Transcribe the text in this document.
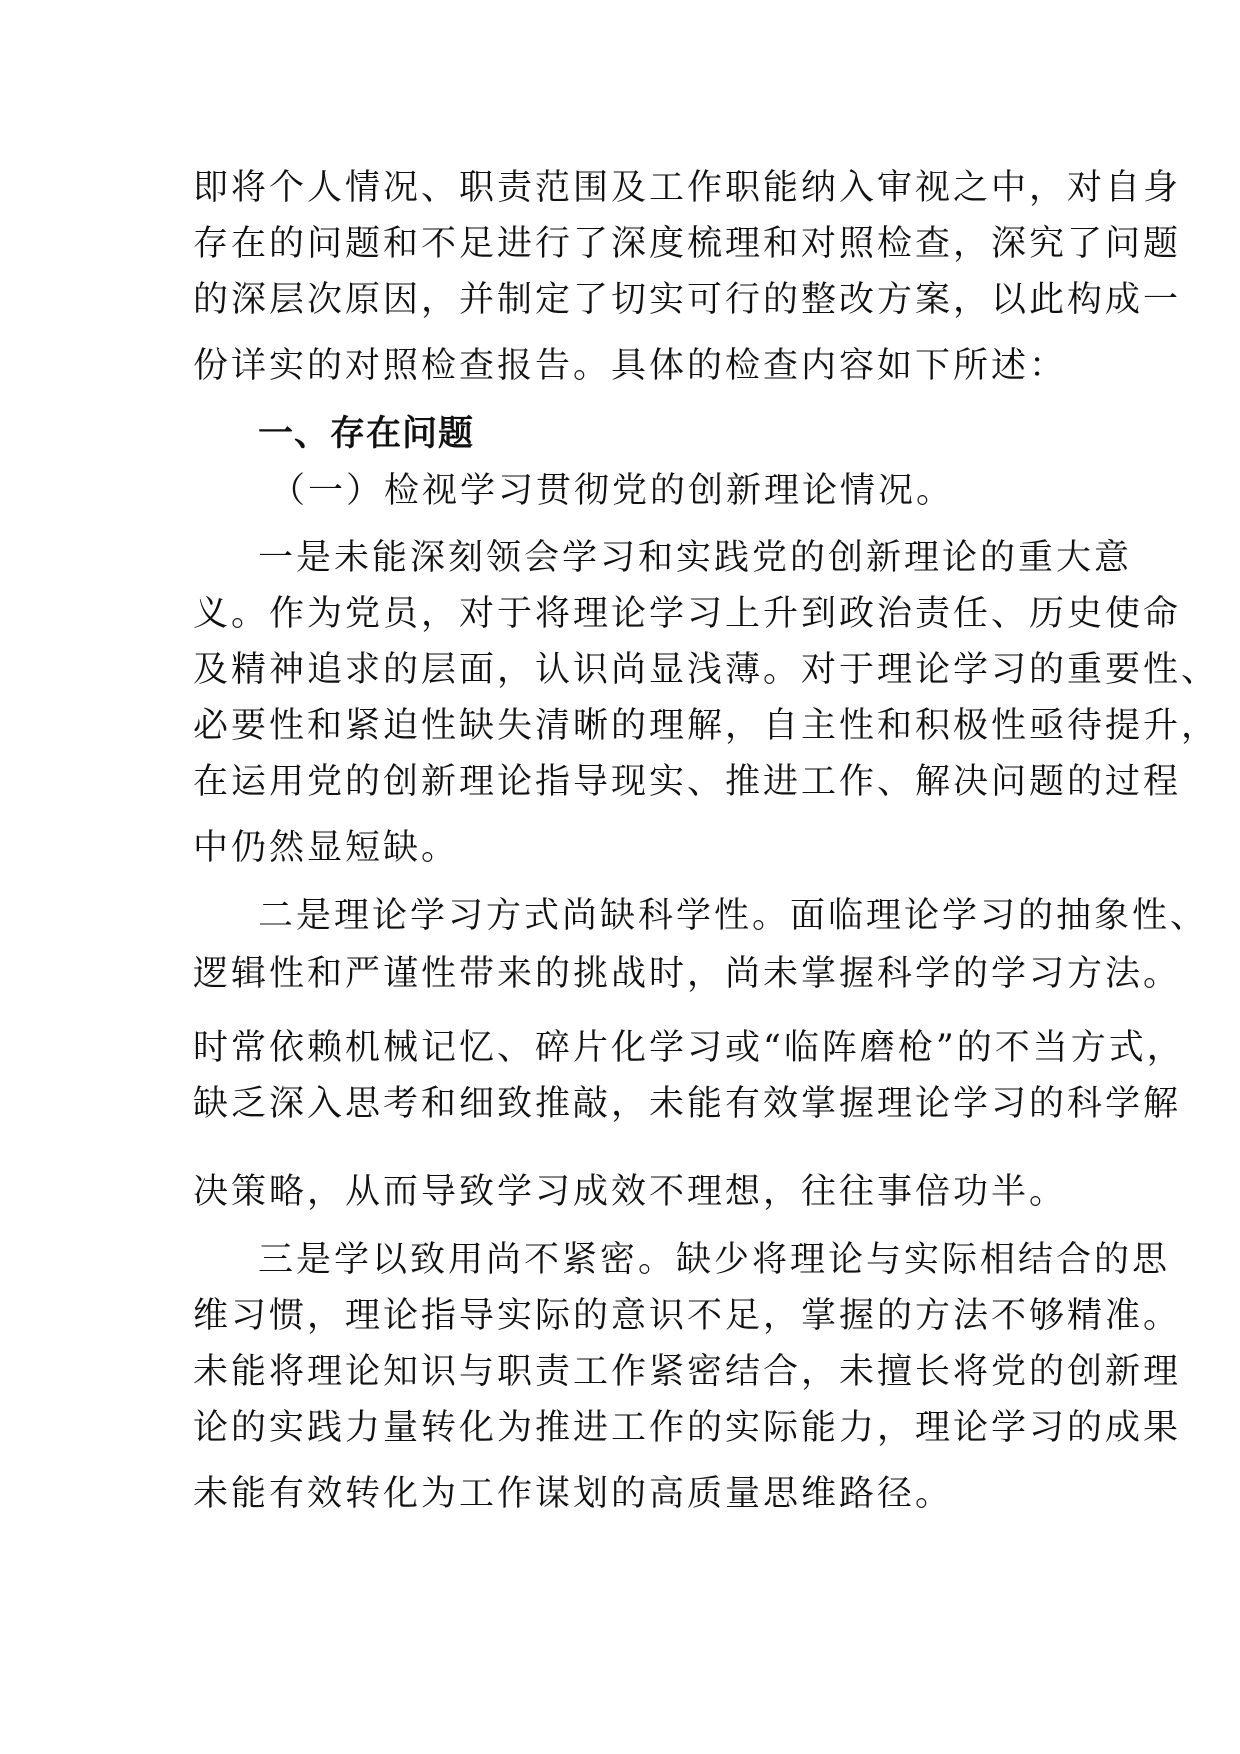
即将个人情况、职责范围及工作职能纳入审视之中，对自身
存在的问题和不足进行了深度梳理和对照检查，深究了问题
的深层次原因，并制定了切实可行的整改方案，以此构成一
份详实的对照检查报告。具体的检查内容如下所述：
一、存在问题
（一）检视学习贯彻党的创新理论情况。
一是未能深刻领会学习和实践党的创新理论的重大意
义。作为党员，对于将理论学习上升到政治责任、历史使命
及精神追求的层面，认识尚显浅薄。对于理论学习的重要性、
必要性和紧迫性缺失清晰的理解，自主性和积极性亟待提升，
在运用党的创新理论指导现实、推进工作、解决问题的过程
中仍然显短缺。
二是理论学习方式尚缺科学性。面临理论学习的抽象性、
逻辑性和严谨性带来的挑战时，尚未掌握科学的学习方法。
时常依赖机械记忆、碎片化学习或“临阵磨枪”的不当方式，
缺乏深入思考和细致推敲，未能有效掌握理论学习的科学解
决策略，从而导致学习成效不理想，往往事倍功半。
三是学以致用尚不紧密。缺少将理论与实际相结合的思
维习惯，理论指导实际的意识不足，掌握的方法不够精准。
未能将理论知识与职责工作紧密结合，未擅长将党的创新理
论的实践力量转化为推进工作的实际能力，理论学习的成果
未能有效转化为工作谋划的高质量思维路径。
